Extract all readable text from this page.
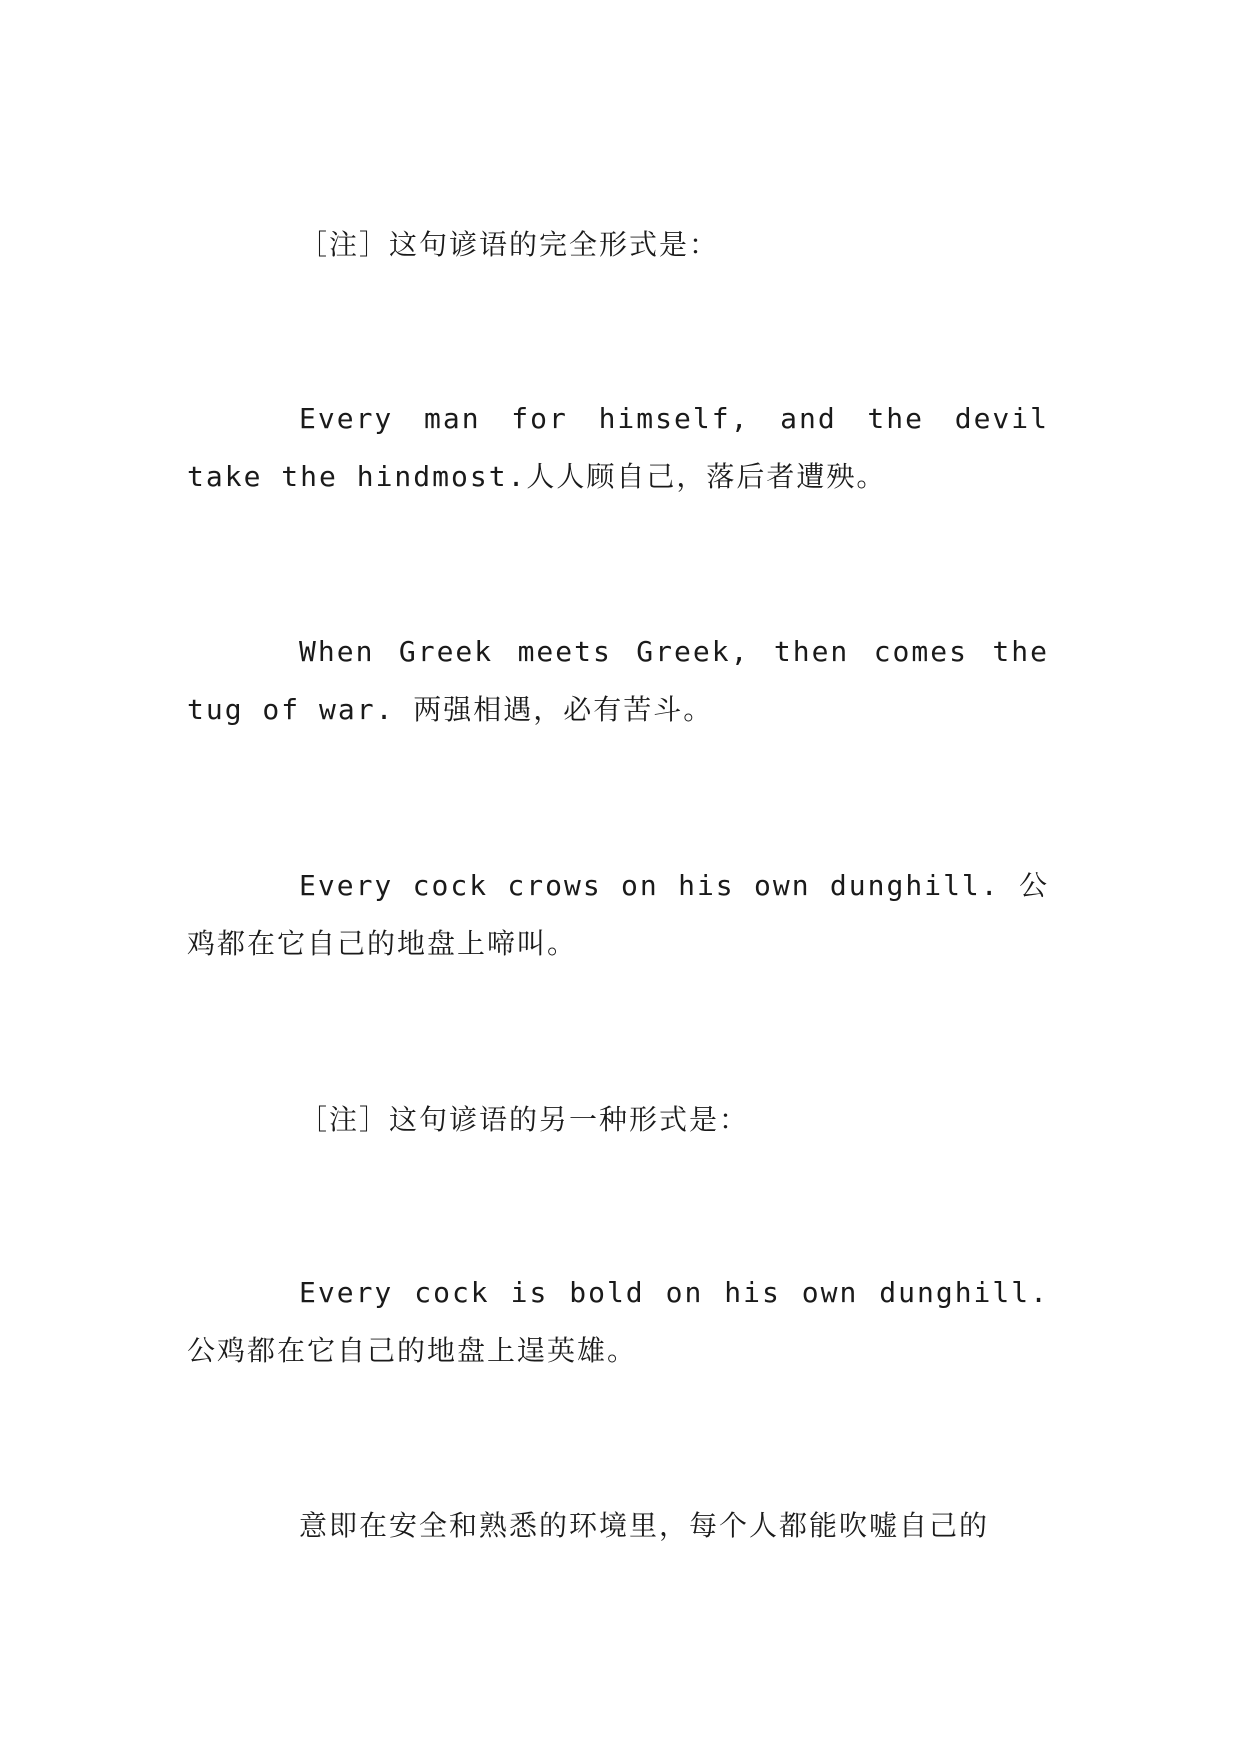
［注］这句谚语的完全形式是：

Every man for himself, and the devil take the hindmost.人人顾自己，落后者遭殃。

When Greek meets Greek, then comes the tug of war. 两强相遇，必有苦斗。

Every cock crows on his own dunghill. 公鸡都在它自己的地盘上啼叫。

［注］这句谚语的另一种形式是：

Every cock is bold on his own dunghill. 公鸡都在它自己的地盘上逞英雄。

意即在安全和熟悉的环境里，每个人都能吹嘘自己的
